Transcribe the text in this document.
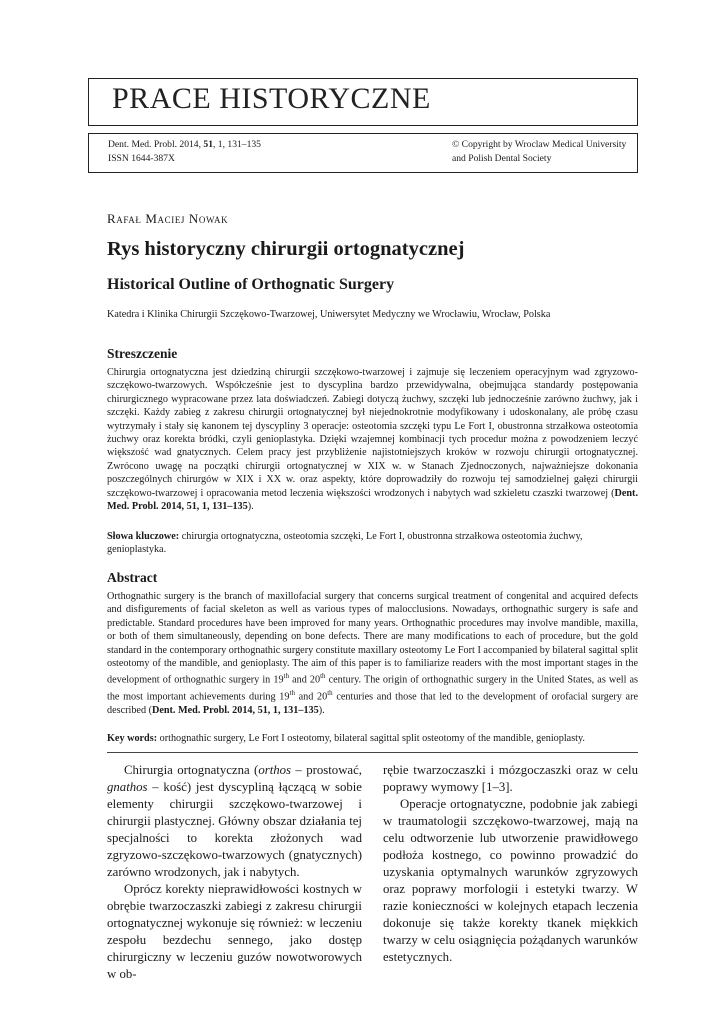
PRACE HISTORYCZNE
Dent. Med. Probl. 2014, 51, 1, 131–135
ISSN 1644-387X
© Copyright by Wroclaw Medical University
and Polish Dental Society
Rafał Maciej Nowak
Rys historyczny chirurgii ortognatycznej
Historical Outline of Orthognatic Surgery
Katedra i Klinika Chirurgii Szczękowo-Twarzowej, Uniwersytet Medyczny we Wrocławiu, Wrocław, Polska
Streszczenie
Chirurgia ortognatyczna jest dziedziną chirurgii szczękowo-twarzowej i zajmuje się leczeniem operacyjnym wad zgryzowo-szczękowo-twarzowych. Współcześnie jest to dyscyplina bardzo przewidywalna, obejmująca standardy postępowania chirurgicznego wypracowane przez lata doświadczeń. Zabiegi dotyczą żuchwy, szczęki lub jednocześnie zarówno żuchwy, jak i szczęki. Każdy zabieg z zakresu chirurgii ortognatycznej był niejednokrotnie modyfikowany i udoskonalany, ale próbę czasu wytrzymały i stały się kanonem tej dyscypliny 3 operacje: osteotomia szczęki typu Le Fort I, obustronna strzałkowa osteotomia żuchwy oraz korekta bródki, czyli genioplastyka. Dzięki wzajemnej kombinacji tych procedur można z powodzeniem leczyć większość wad gnatycznych. Celem pracy jest przybliżenie najistotniejszych kroków w rozwoju chirurgii ortognatycznej. Zwrócono uwagę na początki chirurgii ortognatycznej w XIX w. w Stanach Zjednoczonych, najważniejsze dokonania poszczególnych chirurgów w XIX i XX w. oraz aspekty, które doprowadziły do rozwoju tej samodzielnej gałęzi chirurgii szczękowo-twarzowej i opracowania metod leczenia większości wrodzonych i nabytych wad szkieletu czaszki twarzowej (Dent. Med. Probl. 2014, 51, 1, 131–135).
Słowa kluczowe: chirurgia ortognatyczna, osteotomia szczęki, Le Fort I, obustronna strzałkowa osteotomia żuchwy, genioplastyka.
Abstract
Orthognathic surgery is the branch of maxillofacial surgery that concerns surgical treatment of congenital and acquired defects and disfigurements of facial skeleton as well as various types of malocclusions. Nowadays, orthognathic surgery is safe and predictable. Standard procedures have been improved for many years. Orthognathic procedures may involve mandible, maxilla, or both of them simultaneously, depending on bone defects. There are many modifications to each of procedure, but the gold standard in the contemporary orthognathic surgery constitute maxillary osteotomy Le Fort I accompanied by bilateral sagittal split osteotomy of the mandible, and genioplasty. The aim of this paper is to familiarize readers with the most important stages in the development of orthognathic surgery in 19th and 20th century. The origin of orthognathic surgery in the United States, as well as the most important achievements during 19th and 20th centuries and those that led to the development of orofacial surgery are described (Dent. Med. Probl. 2014, 51, 1, 131–135).
Key words: orthognathic surgery, Le Fort I osteotomy, bilateral sagittal split osteotomy of the mandible, genioplasty.

Chirurgia ortognatyczna (orthos – prostować, gnathos – kość) jest dyscypliną łączącą w sobie elementy chirurgii szczękowo-twarzowej i chirurgii plastycznej. Główny obszar działania tej specjalności to korekta złożonych wad zgryzowo-szczękowo-twarzowych (gnatycznych) zarówno wrodzonych, jak i nabytych.

Oprócz korekty nieprawidłowości kostnych w obrębie twarzoczaszki zabiegi z zakresu chirurgii ortognatycznej wykonuje się również: w leczeniu zespołu bezdechu sennego, jako dostęp chirurgiczny w leczeniu guzów nowotworowych w ob-

rębie twarzoczaszki i mózgoczaszki oraz w celu poprawy wymowy [1–3].

Operacje ortognatyczne, podobnie jak zabiegi w traumatologii szczękowo-twarzowej, mają na celu odtworzenie lub utworzenie prawidłowego podłoża kostnego, co powinno prowadzić do uzyskania optymalnych warunków zgryzowych oraz poprawy morfologii i estetyki twarzy. W razie konieczności w kolejnych etapach leczenia dokonuje się także korekty tkanek miękkich twarzy w celu osiągnięcia pożądanych warunków estetycznych.
